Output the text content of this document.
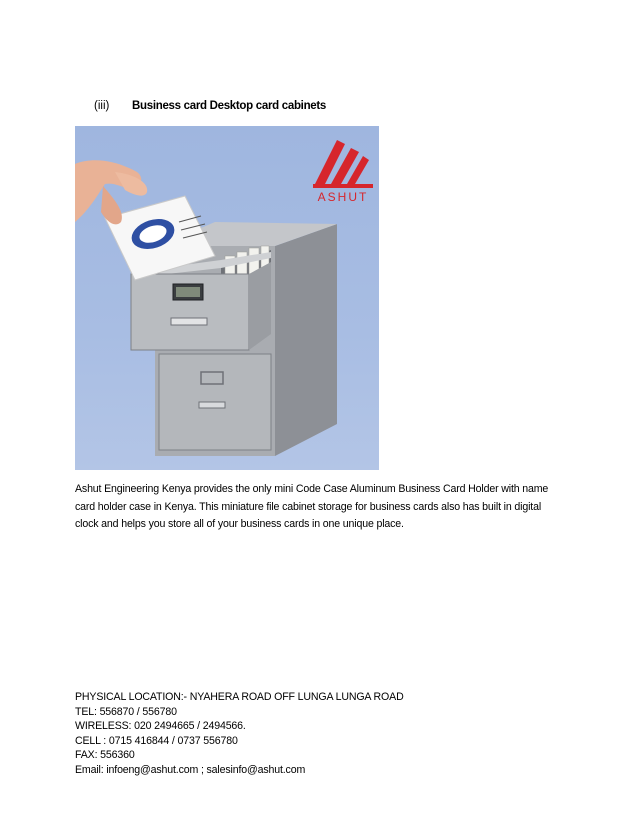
(iii)	Business card Desktop card cabinets
ASHUT
Ashut Engineering Kenya provides the only mini Code Case Aluminum Business Card Holder with name card holder case in Kenya. This miniature file cabinet storage for business cards also has built in digital clock and helps you store all of your business cards in one unique place.
PHYSICAL LOCATION:- NYAHERA ROAD OFF LUNGA LUNGA ROAD
TEL: 556870 / 556780
WIRELESS: 020 2494665 / 2494566.
CELL : 0715 416844 / 0737 556780
FAX: 556360
Email: infoeng@ashut.com ; salesinfo@ashut.com
